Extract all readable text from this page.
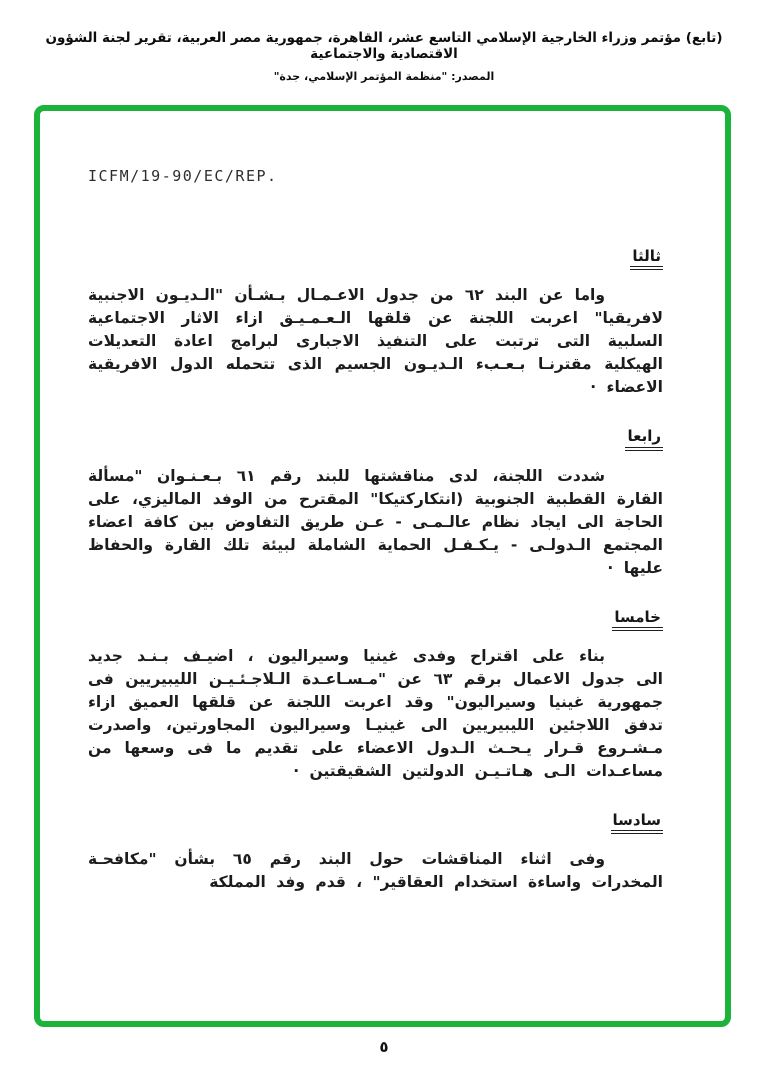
(تابع) مؤتمر وزراء الخارجية الإسلامي التاسع عشر، القاهرة، جمهورية مصر العربية، تقرير لجنة الشؤون الاقتصادية والاجتماعية
المصدر: "منظمة المؤتمر الإسلامي، جدة"
ICFM/19-90/EC/REP.
ثالثا

واما عن البند ٦٢ من جدول الاعـمـال بـشـأن "الـديـون الاجنبية لافريقيا" اعربت اللجنة عن قلقها الـعـمـيـق ازاء الاثار الاجتماعية السلبية التى ترتبت على التنفيذ الاجبارى لبرامج اعادة التعديلات الهيكلية مقترنـا بـعـبء الـديـون الجسيم الذى تتحمله الدول الافريقية الاعضاء ·

رابعا

شددت اللجنة، لدى مناقشتها للبند رقم ٦١ بـعـنـوان "مسألة القارة القطبية الجنوبية (انتكاركتيكا" المقترح من الوفد الماليزي، على الحاجة الى ايجاد نظام عالـمـى - عـن طريق التفاوض بين كافة اعضاء المجتمع الـدولـى - يـكـفـل الحماية الشاملة لبيئة تلك القارة والحفاظ عليها ·

خامسا

بناء على اقتراح وفدى غينيا وسيراليون ، اضيـف بـنـد جديد الى جدول الاعمال برقم ٦٣ عن "مـسـاعـدة الـلاجـئـيـن الليبيريين فى جمهورية غينيا وسيراليون" وقد اعربت اللجنة عن قلقها العميق ازاء تدفق اللاجئين الليبيريين الى غينيـا وسيراليون المجاورتين، واصدرت مـشـروع قـرار يـحـث الـدول الاعضاء على تقديم ما فى وسعها من مساعـدات الـى هـاتـيـن الدولتين الشقيقتين ·

سادسا

وفى اثناء المناقشات حول البند رقم ٦٥ بشأن "مكافحـة المخدرات واساءة استخدام العقاقير" ، قدم وفد المملكة

٥
